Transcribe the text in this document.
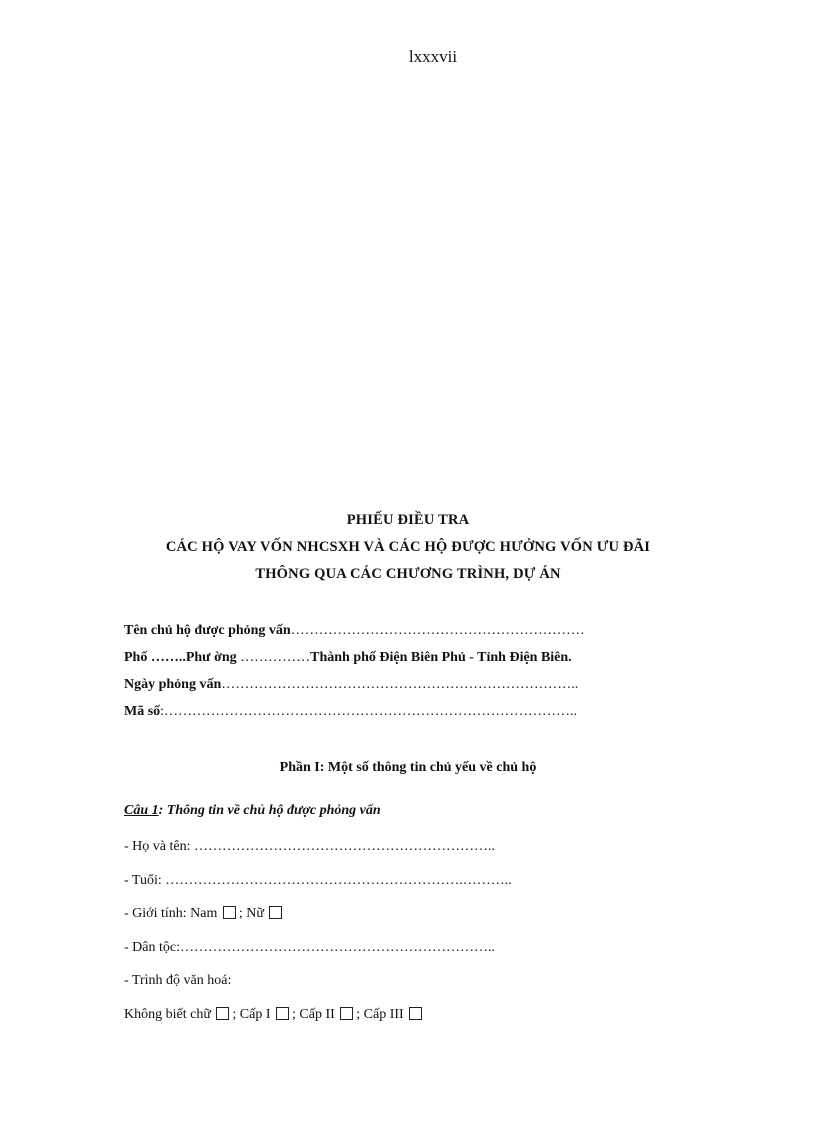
lxxxvii
PHIẾU ĐIỀU TRA
CÁC HỘ VAY VỐN NHCSXH VÀ CÁC HỘ ĐƯỢC HƯỞNG VỐN ƯU ĐÃI
THÔNG QUA CÁC CHƯƠNG TRÌNH, DỰ ÁN
Tên chủ hộ được phỏng vấn………………………………………………………
Phố ……..Phư ờng ……………Thành phố Điện Biên Phủ - Tỉnh Điện Biên.
Ngày phỏng vấn…………………………………………………………………..
Mã số:……………………………………………………………………………..
Phần I: Một số thông tin chủ yếu về chủ hộ
Câu 1: Thông tin về chủ hộ được phỏng vấn
- Họ và tên: ………………………………………………………..
- Tuổi: ……………………………………………………….………..
- Giới tính: Nam ; Nữ
- Dân tộc:…………………………………………………………..
- Trình độ văn hoá:
Không biết chữ ; Cấp I ; Cấp II ; Cấp III
